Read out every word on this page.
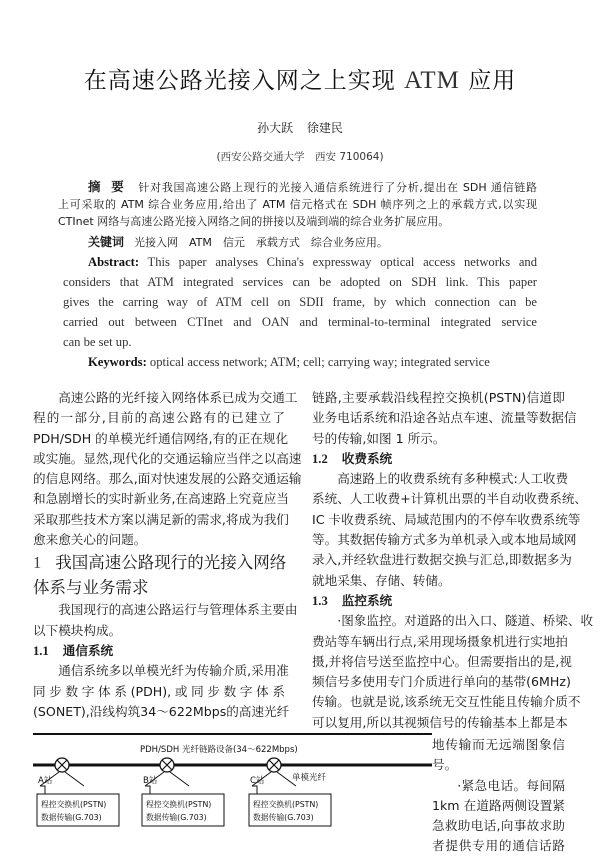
在高速公路光接入网之上实现 ATM 应用
孙大跃 徐建民
(西安公路交通大学　西安 710064)
摘要 针对我国高速公路上现行的光接入通信系统进行了分析,提出在 SDH 通信链路
上可采取的 ATM 综合业务应用,给出了 ATM 信元格式在 SDH 帧序列之上的承载方式,以实现
CTInet 网络与高速公路光接入网络之间的拼接以及端到端的综合业务扩展应用。
关键词 光接入网　ATM　信元　承载方式　综合业务应用。
Abstract: This paper analyses China's expressway optical access networks and
considers that ATM integrated services can be adopted on SDH link. This paper
gives the carring way of ATM cell on SDII frame, by which connection can be
carried out between CTInet and OAN and terminal-to-terminal integrated service
can be set up.
Keywords: optical access network; ATM; cell; carrying way; integrated service
高速公路的光纤接入网络体系已成为交通工
程的一部分,目前的高速公路有的已建立了
PDH/SDH 的单模光纤通信网络,有的正在规化
或实施。显然,现代化的交通运输应当伴之以高速
的信息网络。那么,面对快速发展的公路交通运输
和急剧增长的实时新业务,在高速路上究竟应当
采取那些技术方案以满足新的需求,将成为我们
愈来愈关心的问题。
1 我国高速公路现行的光接入网络
体系与业务需求
我国现行的高速公路运行与管理体系主要由
以下模块构成。
1.1 通信系统
通信系统多以单模光纤为传输介质,采用准
同步数字体系(PDH),或同步数字体系
(SONET),沿线构筑34～622Mbps的高速光纤
链路,主要承载沿线程控交换机(PSTN)信道即
业务电话系统和沿途各站点车速、流量等数据信
号的传输,如图 1 所示。
1.2 收费系统
高速路上的收费系统有多种模式:人工收费
系统、人工收费+计算机出票的半自动收费系统、
IC 卡收费系统、局域范围内的不停车收费系统等
等。其数据传输方式多为单机录入或本地局域网
录入,并经软盘进行数据交换与汇总,即数据多为
就地采集、存储、转储。
1.3 监控系统
·图象监控。对道路的出入口、隧道、桥梁、收
费站等车辆出行点,采用现场摄象机进行实地拍
摄,并将信号送至监控中心。但需要指出的是,视
频信号多使用专门介质进行单向的基带(6MHz)
传输。也就是说,该系统无交互性能且传输介质不
可以复用,所以其视频信号的传输基本上都是本
地传输而无远端图象信
号。
·紧急电话。每间隔
1km 在道路两侧设置紧
急救助电话,向事故求助
者提供专用的通信话路
PDH/SDH 光纤链路设备(34～622Mbps)
A站
程控交换机(PSTN)
数据传输(G.703)
B站
程控交换机(PSTN)
数据传输(G.703)
C站
程控交换机(PSTN)
数据传输(G.703)
单模光纤
